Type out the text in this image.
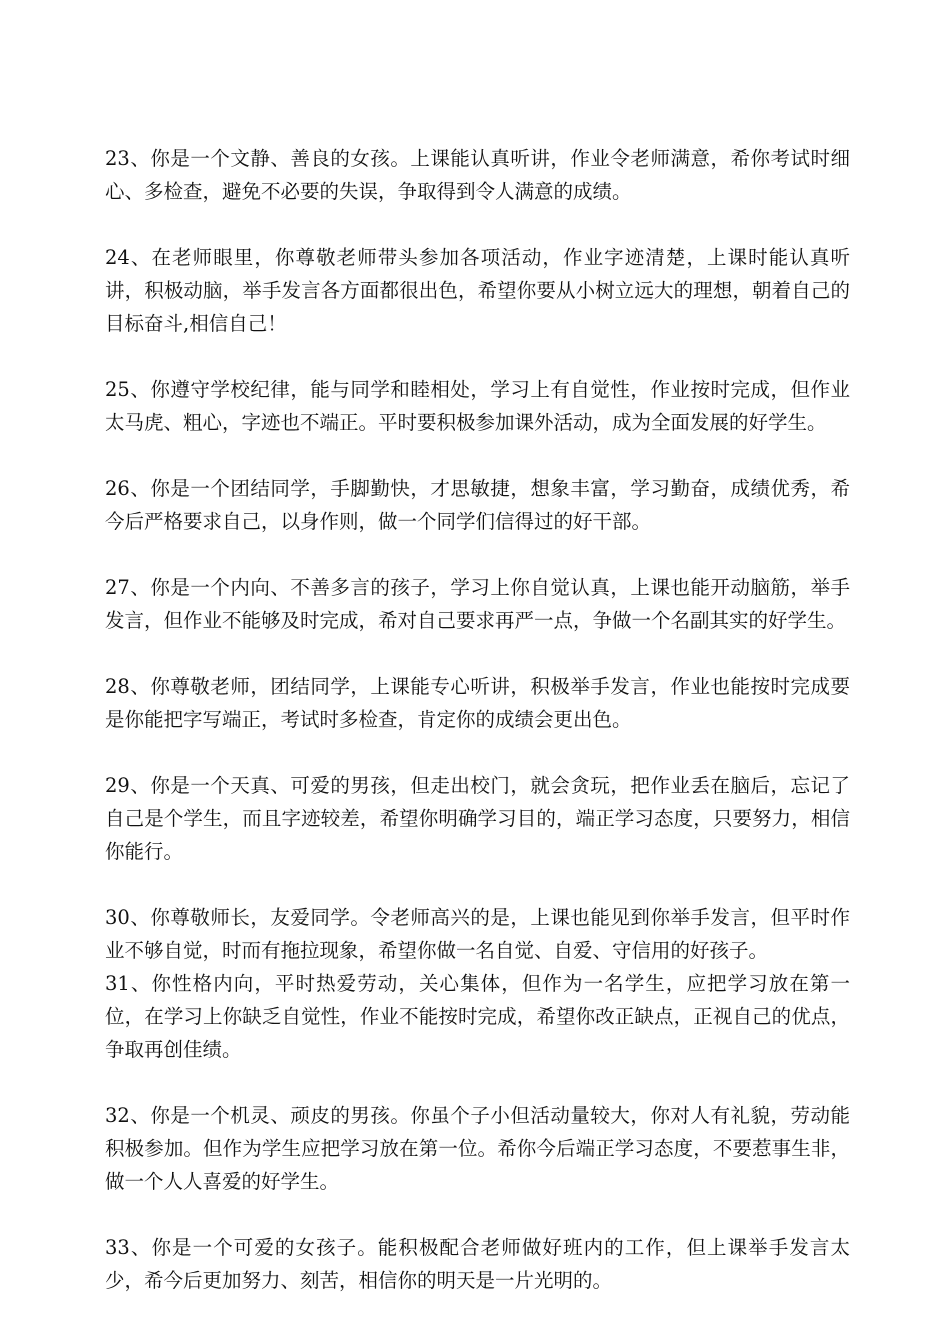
23、你是一个文静、善良的女孩。上课能认真听讲，作业令老师满意，希你考试时细心、多检查，避免不必要的失误，争取得到令人满意的成绩。

24、在老师眼里，你尊敬老师带头参加各项活动，作业字迹清楚，上课时能认真听讲，积极动脑，举手发言各方面都很出色，希望你要从小树立远大的理想，朝着自己的目标奋斗,相信自己！

25、你遵守学校纪律，能与同学和睦相处，学习上有自觉性，作业按时完成，但作业太马虎、粗心，字迹也不端正。平时要积极参加课外活动，成为全面发展的好学生。

26、你是一个团结同学，手脚勤快，才思敏捷，想象丰富，学习勤奋，成绩优秀，希今后严格要求自己，以身作则，做一个同学们信得过的好干部。

27、你是一个内向、不善多言的孩子，学习上你自觉认真，上课也能开动脑筋，举手发言，但作业不能够及时完成，希对自己要求再严一点，争做一个名副其实的好学生。

28、你尊敬老师，团结同学，上课能专心听讲，积极举手发言，作业也能按时完成要是你能把字写端正，考试时多检查，肯定你的成绩会更出色。

29、你是一个天真、可爱的男孩，但走出校门，就会贪玩，把作业丢在脑后，忘记了自己是个学生，而且字迹较差，希望你明确学习目的，端正学习态度，只要努力，相信你能行。

30、你尊敬师长，友爱同学。令老师高兴的是，上课也能见到你举手发言，但平时作业不够自觉，时而有拖拉现象，希望你做一名自觉、自爱、守信用的好孩子。

31、你性格内向，平时热爱劳动，关心集体，但作为一名学生，应把学习放在第一位，在学习上你缺乏自觉性，作业不能按时完成，希望你改正缺点，正视自己的优点，争取再创佳绩。

32、你是一个机灵、顽皮的男孩。你虽个子小但活动量较大，你对人有礼貌，劳动能积极参加。但作为学生应把学习放在第一位。希你今后端正学习态度，不要惹事生非，做一个人人喜爱的好学生。

33、你是一个可爱的女孩子。能积极配合老师做好班内的工作，但上课举手发言太少，希今后更加努力、刻苦，相信你的明天是一片光明的。
